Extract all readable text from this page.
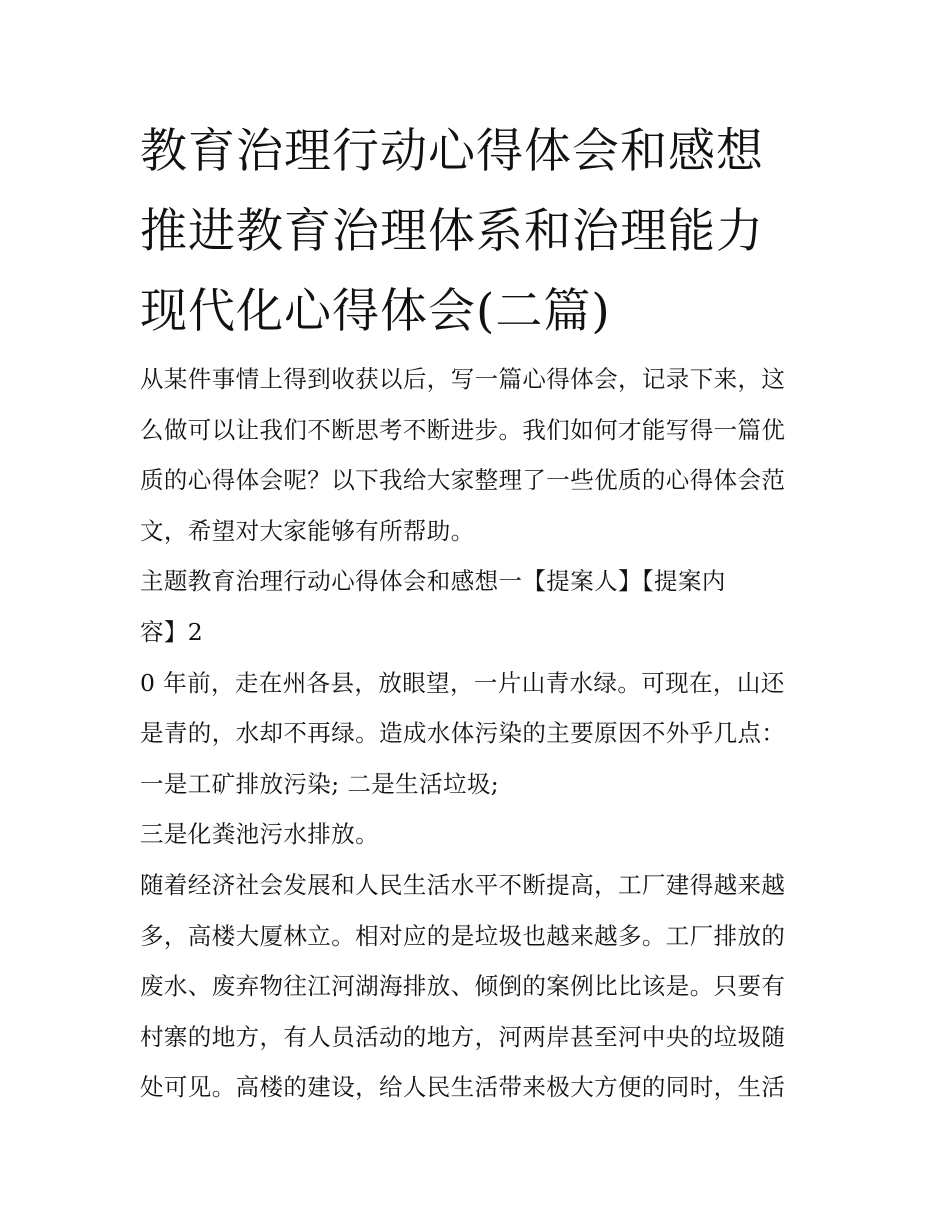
教育治理行动心得体会和感想
推进教育治理体系和治理能力
现代化心得体会(二篇)
从某件事情上得到收获以后，写一篇心得体会，记录下来，这
么做可以让我们不断思考不断进步。我们如何才能写得一篇优
质的心得体会呢？以下我给大家整理了一些优质的心得体会范
文，希望对大家能够有所帮助。
主题教育治理行动心得体会和感想一【提案人】【提案内
容】2
0 年前，走在州各县，放眼望，一片山青水绿。可现在，山还
是青的，水却不再绿。造成水体污染的主要原因不外乎几点：
一是工矿排放污染; 二是生活垃圾;
三是化粪池污水排放。
随着经济社会发展和人民生活水平不断提高，工厂建得越来越
多，高楼大厦林立。相对应的是垃圾也越来越多。工厂排放的
废水、废弃物往江河湖海排放、倾倒的案例比比该是。只要有
村寨的地方，有人员活动的地方，河两岸甚至河中央的垃圾随
处可见。高楼的建设，给人民生活带来极大方便的同时，生活
